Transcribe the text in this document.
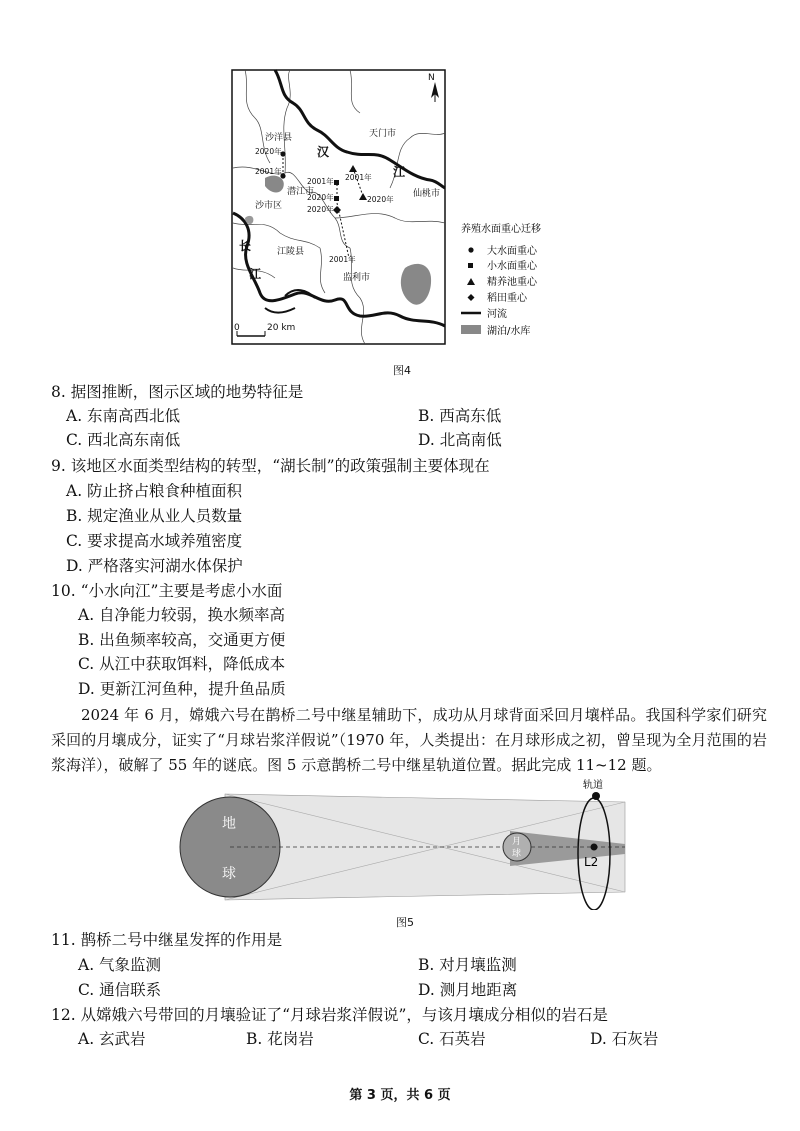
N
0	20 km
沙洋县	天门市
潜江市	仙桃市
沙市区
江陵县
监利市
汉
江
长
江
2020年
2001年
2001年
2020年
2020年
2001年
2020年
2001年
养殖水面重心迁移
大水面重心
小水面重心
精养池重心
稻田重心
河流
湖泊/水库
图4
8. 据图推断，图示区域的地势特征是
A. 东南高西北低	B. 西高东低
C. 西北高东南低	D. 北高南低
9. 该地区水面类型结构的转型，“湖长制”的政策强制主要体现在
A. 防止挤占粮食种植面积
B. 规定渔业从业人员数量
C. 要求提高水域养殖密度
D. 严格落实河湖水体保护
10. “小水向江”主要是考虑小水面
A. 自净能力较弱，换水频率高
B. 出鱼频率较高，交通更方便
C. 从江中获取饵料，降低成本
D. 更新江河鱼种，提升鱼品质
2024 年 6 月，嫦娥六号在鹊桥二号中继星辅助下，成功从月球背面采回月壤样品。我国科学家们研究采回的月壤成分，证实了“月球岩浆洋假说”（1970 年，人类提出：在月球形成之初，曾呈现为全月范围的岩浆海洋），破解了 55 年的谜底。图 5 示意鹊桥二号中继星轨道位置。据此完成 11~12 题。
地
球
月
球
轨道
L2
图5
11. 鹊桥二号中继星发挥的作用是
A. 气象监测	B. 对月壤监测
C. 通信联系	D. 测月地距离
12. 从嫦娥六号带回的月壤验证了“月球岩浆洋假说”，与该月壤成分相似的岩石是
A. 玄武岩	B. 花岗岩	C. 石英岩	D. 石灰岩
第 3 页，共 6 页
